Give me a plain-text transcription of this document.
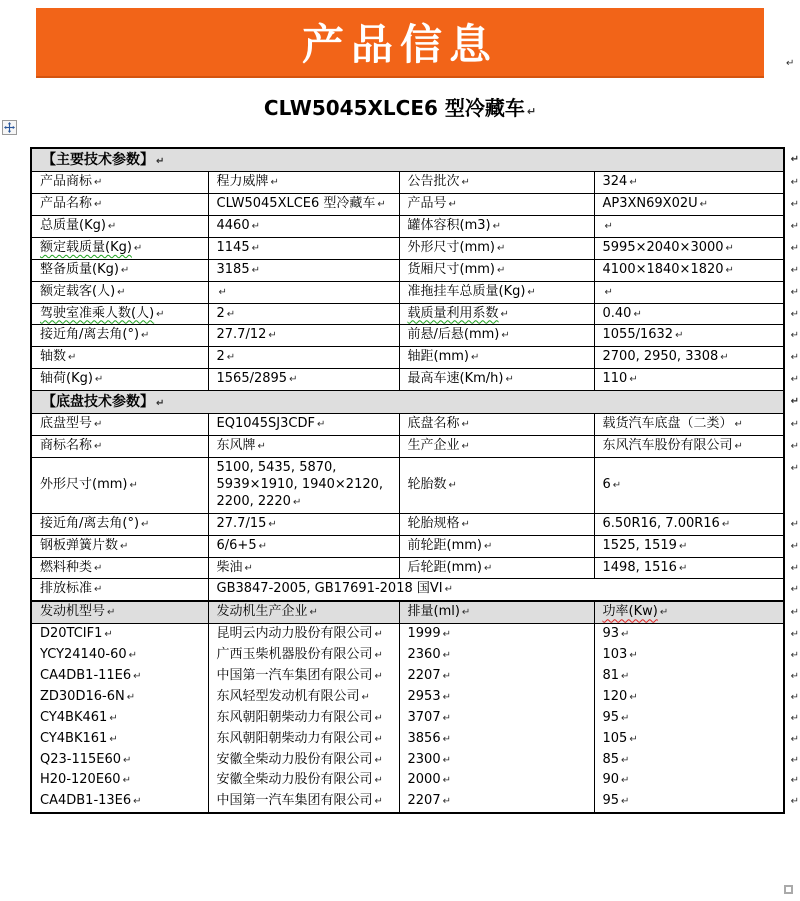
产品信息	↵
CLW5045XLCE6 型冷藏车 ↵
【主要技术参数】 ↵ ↵			

产品商标 ↵	程力威牌 ↵	公告批次 ↵	324 ↵ ↵

产品名称 ↵	CLW5045XLCE6 型冷藏车 ↵	产品号 ↵	AP3XN69X02U ↵ ↵

总质量(Kg) ↵	4460 ↵	罐体容积(m3) ↵	↵ ↵

额定载质量(Kg) ↵	1145 ↵	外形尺寸(mm) ↵	5995×2040×3000 ↵ ↵

整备质量(Kg) ↵	3185 ↵	货厢尺寸(mm) ↵	4100×1840×1820 ↵ ↵

额定载客(人) ↵	↵	准拖挂车总质量(Kg) ↵	↵ ↵

驾驶室准乘人数(人) ↵	2 ↵	载质量利用系数 ↵	0.40 ↵ ↵

接近角/离去角(°) ↵	27.7/12 ↵	前悬/后悬(mm) ↵	1055/1632 ↵ ↵

轴数 ↵	2 ↵	轴距(mm) ↵	2700, 2950, 3308 ↵ ↵

轴荷(Kg) ↵	1565/2895 ↵	最高车速(Km/h) ↵	110 ↵ ↵

【底盘技术参数】 ↵ ↵			

底盘型号 ↵	EQ1045SJ3CDF ↵	底盘名称 ↵	载货汽车底盘（二类） ↵ ↵

商标名称 ↵	东风牌 ↵	生产企业 ↵	东风汽车股份有限公司 ↵ ↵

外形尺寸(mm) ↵	5100, 5435, 5870, 5939×1910, 1940×2120, 2200, 2220 ↵	轮胎数 ↵	6 ↵
↵

接近角/离去角(°) ↵	27.7/15 ↵	轮胎规格 ↵	6.50R16, 7.00R16 ↵ ↵

钢板弹簧片数 ↵	6/6+5 ↵	前轮距(mm) ↵	1525, 1519 ↵ ↵

燃料种类 ↵	柴油 ↵	后轮距(mm) ↵	1498, 1516 ↵ ↵

排放标准 ↵	GB3847-2005, GB17691-2018 国VI ↵ ↵		
发动机型号 ↵	发动机生产企业 ↵	排量(ml) ↵	功率(Kw) ↵ ↵

D20TCIF1 ↵	昆明云内动力股份有限公司 ↵	1999 ↵	93 ↵ ↵

YCY24140-60 ↵	广西玉柴机器股份有限公司 ↵	2360 ↵	103 ↵ ↵

CA4DB1-11E6 ↵	中国第一汽车集团有限公司 ↵	2207 ↵	81 ↵ ↵

ZD30D16-6N ↵	东风轻型发动机有限公司 ↵	2953 ↵	120 ↵ ↵

CY4BK461 ↵	东风朝阳朝柴动力有限公司 ↵	3707 ↵	95 ↵ ↵

CY4BK161 ↵	东风朝阳朝柴动力有限公司 ↵	3856 ↵	105 ↵ ↵

Q23-115E60 ↵	安徽全柴动力股份有限公司 ↵	2300 ↵	85 ↵ ↵

H20-120E60 ↵	安徽全柴动力股份有限公司 ↵	2000 ↵	90 ↵ ↵

CA4DB1-13E6 ↵	中国第一汽车集团有限公司 ↵	2207 ↵	95 ↵ ↵
